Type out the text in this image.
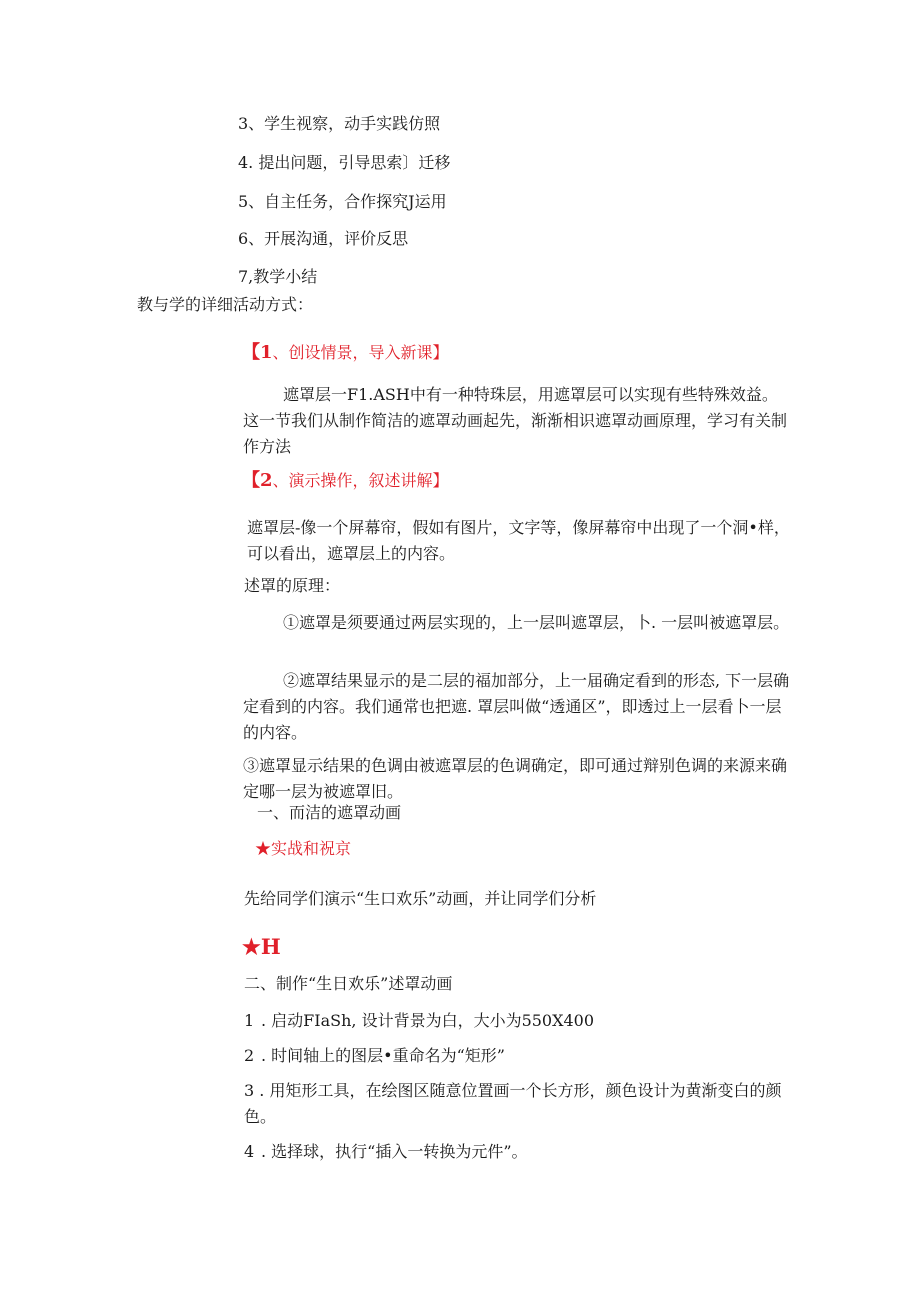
3、学生视察，动手实践仿照

4. 提出问题，引导思索〕迁移

5、自主任务，合作探究J运用

6、开展沟通，评价反思

7,教学小结

教与学的详细活动方式：

【1、创设情景，导入新课】

遮罩层一F1.ASH中有一种特珠层，用遮罩层可以实现有些特殊效益。这一节我们从制作简洁的遮罩动画起先，渐渐相识遮罩动画原理，学习有关制作方法

【2、演示操作，叙述讲解】

遮罩层-像一个屏幕帘，假如有图片，文字等，像屏幕帘中出现了一个洞•样，可以看出，遮罩层上的内容。

述罩的原理：

①遮罩是须要通过两层实现的，上一层叫遮罩层，卜. 一层叫被遮罩层。

②遮罩结果显示的是二层的福加部分，上一届确定看到的形态, 下一层确定看到的内容。我们通常也把遮. 罩层叫做“透通区”，即透过上一层看卜一层的内容。

③遮罩显示结果的色调由被遮罩层的色调确定，即可通过辩别色调的来源来确定哪一层为被遮罩旧。

一、而洁的遮罩动画

★实战和祝京

先给同学们演示“生口欢乐”动画，并让同学们分析

★H

二、制作“生日欢乐”述罩动画

1 . 启动FIaSh, 设计背景为白，大小为550X400
2 . 时间轴上的图层•重命名为“矩形”

3 . 用矩形工具，在绘图区随意位置画一个长方形，颜色设计为黄渐变白的颜色。

4 . 选择球，执行“插入一转换为元件”。
